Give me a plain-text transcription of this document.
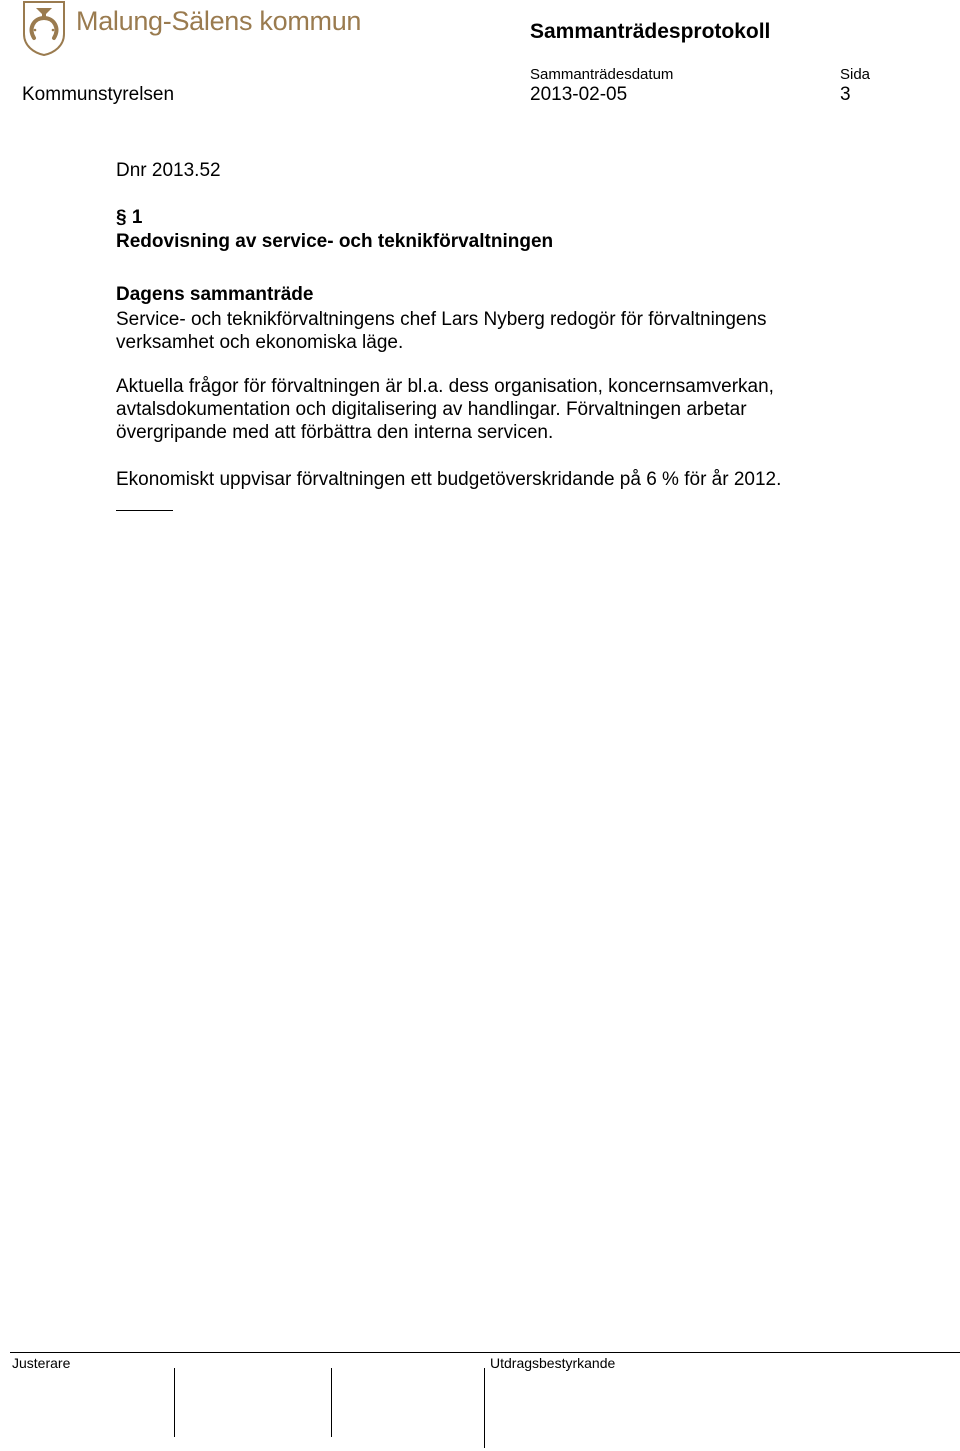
Malung-Sälens kommun	Sammanträdesprotokoll
Sammanträdesdatum	Sida
Kommunstyrelsen	2013-02-05	3
Dnr 2013.52
§ 1
Redovisning av service- och teknikförvaltningen
Dagens sammanträde
Service- och teknikförvaltningens chef Lars Nyberg redogör för förvaltningens
verksamhet och ekonomiska läge.
Aktuella frågor för förvaltningen är bl.a. dess organisation, koncernsamverkan,
avtalsdokumentation och digitalisering av handlingar. Förvaltningen arbetar
övergripande med att förbättra den interna servicen.
Ekonomiskt uppvisar förvaltningen ett budgetöverskridande på 6 % för år 2012.
Justerare	Utdragsbestyrkande
